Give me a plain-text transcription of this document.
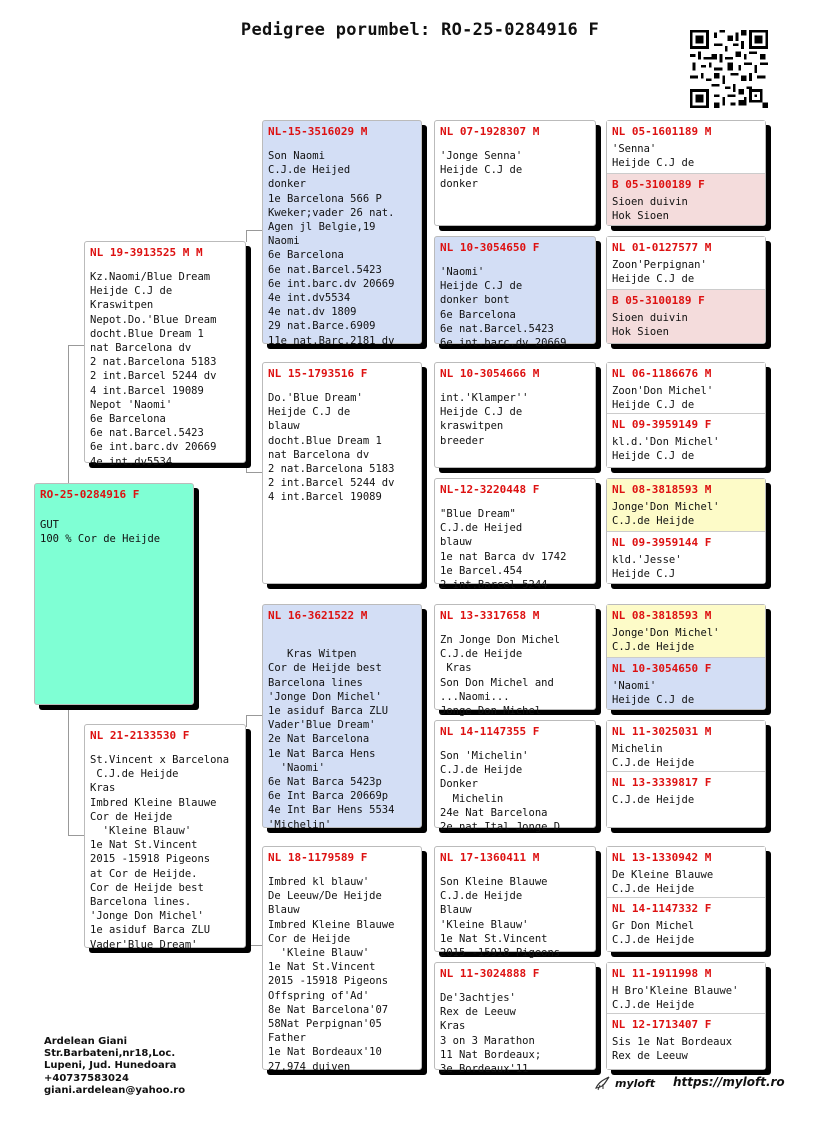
Pedigree porumbel: RO-25-0284916 F
RO-25-0284916 F
GUT
100 % Cor de Heijde
NL 19-3913525 M M
Kz.Naomi/Blue Dream
Heijde C.J de
Kraswitpen
Nepot.Do.'Blue Dream
docht.Blue Dream 1
nat Barcelona dv
2 nat.Barcelona 5183
2 int.Barcel 5244 dv
4 int.Barcel 19089
Nepot 'Naomi'
6e Barcelona
6e nat.Barcel.5423
6e int.barc.dv 20669
4e int.dv5534
NL 21-2133530 F
St.Vincent x Barcelona
C.J.de Heijde
Kras
Imbred Kleine Blauwe
Cor de Heijde
'Kleine Blauw'
1e Nat St.Vincent
2015 -15918 Pigeons
at Cor de Heijde.
Cor de Heijde best
Barcelona lines.
'Jonge Don Michel'
1e asiduf Barca ZLU
Vader'Blue Dream'
NL-15-3516029 M
Son Naomi
C.J.de Heijed
donker
1e Barcelona 566 P
Kweker;vader 26 nat.
Agen jl Belgie,19
Naomi
6e Barcelona
6e nat.Barcel.5423
6e int.barc.dv 20669
4e int.dv5534
4e nat.dv 1809
29 nat.Barce.6909
11e nat.Barc.2181 dv
NL 15-1793516 F
Do.'Blue Dream'
Heijde C.J de
blauw
docht.Blue Dream 1
nat Barcelona dv
2 nat.Barcelona 5183
2 int.Barcel 5244 dv
4 int.Barcel 19089
NL 16-3621522 M

Kras Witpen
Cor de Heijde best
Barcelona lines
'Jonge Don Michel'
1e asiduf Barca ZLU
Vader'Blue Dream'
2e Nat Barcelona
1e Nat Barca Hens
'Naomi'
6e Nat Barca 5423p
6e Int Barca 20669p
4e Int Bar Hens 5534
'Michelin'
NL 18-1179589 F
Imbred kl blauw'
De Leeuw/De Heijde
Blauw
Imbred Kleine Blauwe
Cor de Heijde
'Kleine Blauw'
1e Nat St.Vincent
2015 -15918 Pigeons
Offspring of'Ad'
8e Nat Barcelona'07
58Nat Perpignan'05
Father
1e Nat Bordeaux'10
27.974 duiven
NL 07-1928307 M
'Jonge Senna'
Heijde C.J de
donker
NL 10-3054650 F
'Naomi'
Heijde C.J de
donker bont
6e Barcelona
6e nat.Barcel.5423
6e int.barc.dv 20669
NL 10-3054666 M
int.'Klamper''
Heijde C.J de
kraswitpen
breeder
NL-12-3220448 F
"Blue Dream"
C.J.de Heijed
blauw
1e nat Barca dv 1742
1e Barcel.454
2 int.Barcel 5244
NL 13-3317658 M
Zn Jonge Don Michel
C.J.de Heijde
Kras
Son Don Michel and
...Naomi...
Jonge Don Michel
NL 14-1147355 F
Son 'Michelin'
C.J.de Heijde
Donker
Michelin
24e Nat Barcelona
2e nat Ital Jonge D
NL 17-1360411 M
Son Kleine Blauwe
C.J.de Heijde
Blauw
'Kleine Blauw'
1e Nat St.Vincent
2015 -15918 Pigeons
NL 11-3024888 F
De'3achtjes'
Rex de Leeuw
Kras
3 on 3 Marathon
11 Nat Bordeaux;
3e Bordeaux'11
NL 05-1601189 M
'Senna'
Heijde C.J de
B 05-3100189 F
Sioen duivin
Hok Sioen
NL 01-0127577 M
Zoon'Perpignan'
Heijde C.J de
B 05-3100189 F
Sioen duivin
Hok Sioen
NL 06-1186676 M
Zoon'Don Michel'
Heijde C.J de
NL 09-3959149 F
kl.d.'Don Michel'
Heijde C.J de
NL 08-3818593 M
Jonge'Don Michel'
C.J.de Heijde
NL 09-3959144 F
kld.'Jesse'
Heijde C.J
NL 08-3818593 M
Jonge'Don Michel'
C.J.de Heijde
NL 10-3054650 F
'Naomi'
Heijde C.J de
NL 11-3025031 M
Michelin
C.J.de Heijde
NL 13-3339817 F
C.J.de Heijde
NL 13-1330942 M
De Kleine Blauwe
C.J.de Heijde
NL 14-1147332 F
Gr Don Michel
C.J.de Heijde
NL 11-1911998 M
H Bro'Kleine Blauwe'
C.J.de Heijde
NL 12-1713407 F
Sis 1e Nat Bordeaux
Rex de Leeuw
Ardelean Giani
Str.Barbateni,nr18,Loc.
Lupeni, Jud. Hunedoara
+40737583024
giani.ardelean@yahoo.ro
myloft https://myloft.ro
